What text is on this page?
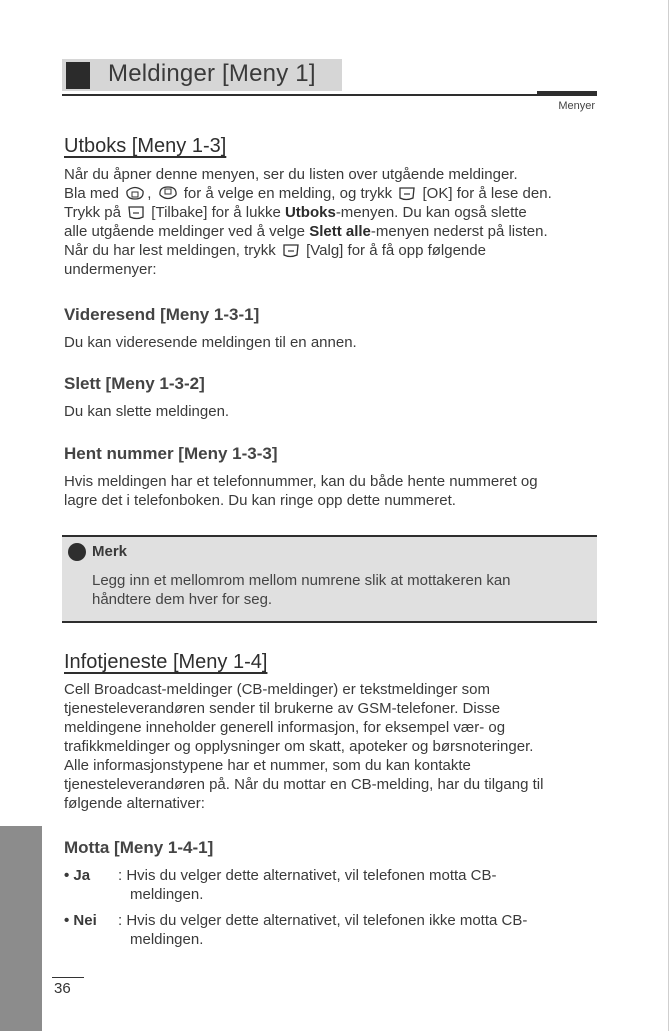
Meldinger [Meny 1]
Menyer
Utboks [Meny 1-3]
Når du åpner denne menyen, ser du listen over utgående meldinger.
Bla med , for å velge en melding, og trykk [OK] for å lese den.
Trykk på [Tilbake] for å lukke Utboks-menyen. Du kan også slette
alle utgående meldinger ved å velge Slett alle-menyen nederst på listen.
Når du har lest meldingen, trykk [Valg] for å få opp følgende
undermenyer:
Videresend [Meny 1-3-1]
Du kan videresende meldingen til en annen.
Slett [Meny 1-3-2]
Du kan slette meldingen.
Hent nummer [Meny 1-3-3]
Hvis meldingen har et telefonnummer, kan du både hente nummeret og
lagre det i telefonboken. Du kan ringe opp dette nummeret.
Merk
Legg inn et mellomrom mellom numrene slik at mottakeren kan
håndtere dem hver for seg.
Infotjeneste [Meny 1-4]
Cell Broadcast-meldinger (CB-meldinger) er tekstmeldinger som
tjenesteleverandøren sender til brukerne av GSM-telefoner. Disse
meldingene inneholder generell informasjon, for eksempel vær- og
trafikkmeldinger og opplysninger om skatt, apoteker og børsnoteringer.
Alle informasjonstypene har et nummer, som du kan kontakte
tjenesteleverandøren på. Når du mottar en CB-melding, har du tilgang til
følgende alternativer:
Motta [Meny 1-4-1]
• Ja : Hvis du velger dette alternativet, vil telefonen motta CB-
meldingen.
• Nei : Hvis du velger dette alternativet, vil telefonen ikke motta CB-
meldingen.
36
